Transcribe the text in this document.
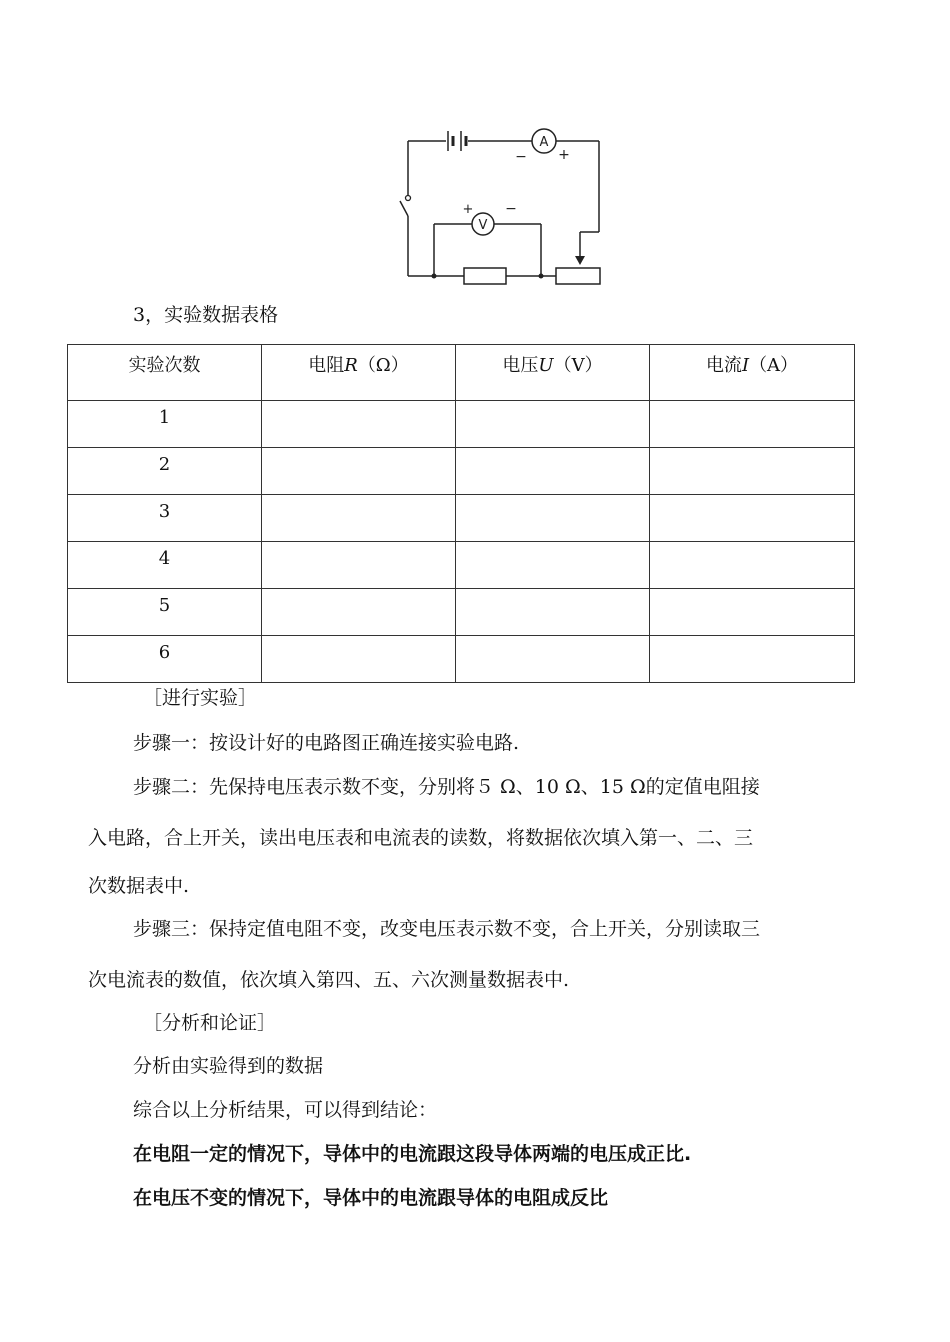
A
V
− +
+ −
3，实验数据表格
实验次数	电阻R（Ω）	电压U（V）	电流I（A）
1			
2			
3			
4			
5			
6			
［进行实验］
步骤一：按设计好的电路图正确连接实验电路.
步骤二：先保持电压表示数不变，分别将５ Ω、10 Ω、15 Ω的定值电阻接
入电路，合上开关，读出电压表和电流表的读数，将数据依次填入第一、二、三
次数据表中.
步骤三：保持定值电阻不变，改变电压表示数不变，合上开关，分别读取三
次电流表的数值，依次填入第四、五、六次测量数据表中.
［分析和论证］
分析由实验得到的数据
综合以上分析结果，可以得到结论：
在电阻一定的情况下，导体中的电流跟这段导体两端的电压成正比.
在电压不变的情况下，导体中的电流跟导体的电阻成反比
